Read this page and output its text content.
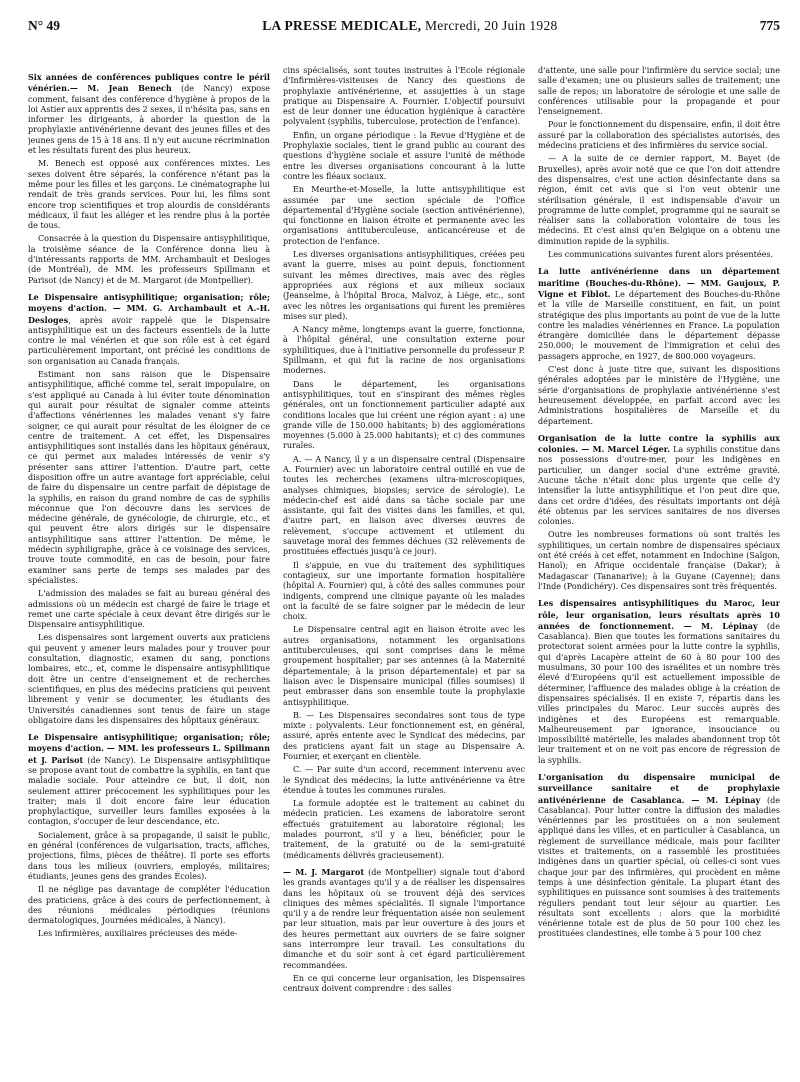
N° 49	LA PRESSE MEDICALE, Mercredi, 20 Juin 1928	775

Six années de conférences publiques contre le péril vénérien.— M. Jean Benech (de Nancy) expose comment, faisant des conférence d'hygiène à propos de la loi Astier aux apprentis des 2 sexes, il n'hésita pas, sans en informer les dirigeants, à aborder la question de la prophylaxie antivénérienne devant des jeunes filles et des jeunes gens de 15 à 18 ans. Il n'y eut aucune récrimination et les résultats furent des plus heureux.

M. Benech est opposé aux conférences mixtes. Les sexes doivent être séparés, la conférence n'étant pas la même pour les filles et les garçons. Le cinématographe lui rendait de très grands services. Pour lui, les films sont encore trop scientifiques et trop alourdis de considérants médicaux, il faut les alléger et les rendre plus à la portée de tous.

Consacrée à la question du Dispensaire antisyphilitique, la troisième séance de la Conférence donna lieu à d'intéressants rapports de MM. Archambault et Desloges (de Montréal), de MM. les professeurs Spillmann et Parisot (de Nancy) et de M. Margarot (de Montpellier).

Le Dispensaire antisyphilitique; organisation; rôle; moyens d'action. — MM. G. Archambault et A.-H. Desloges, après avoir rappelé que le Dispensaire antisyphilitique est un des facteurs essentiels de la lutte contre le mal vénérien et que son rôle est à cet égard particulièrement important, ont précisé les conditions de son organisation au Canada français.

Estimant non sans raison que le Dispensaire antisyphilitique, affiché comme tel, serait impopulaire, on s'est appliqué au Canada à lui éviter toute dénomination qui aurait pour résultat de signaler comme atteints d'affections vénériennes les malades venant s'y faire soigner, ce qui aurait pour résultat de les éloigner de ce centre de traitement. A cet effet, les Dispensaires antisyphilitiques sont installés dans les hôpitaux généraux, ce qui permet aux malades intéressés de venir s'y présenter sans attirer l'attention. D'autre part, cette disposition offre un autre avantage fort appréciable, celui de faire du dispensaire un centre parfait de dépistage de la syphilis, en raison du grand nombre de cas de syphilis méconnue que l'on découvre dans les services de médecine générale, de gynécologie, de chirurgie, etc., et qui peuvent être alors dirigés sur le dispensaire antisyphilitique sans attirer l'attention. De même, le médecin syphiligraphe, grâce à ce voisinage des services, trouve toute commodité, en cas de besoin, pour faire examiner sans perte de temps ses malades par des spécialistes.

L'admission des malades se fait au bureau général des admissions où un médecin est chargé de faire le triage et remet une carte spéciale à ceux devant être dirigés sur le Dispensaire antisyphilitique.

Les dispensaires sont largement ouverts aux praticiens qui peuvent y amener leurs malades pour y trouver pour consultation, diagnostic, examen du sang, ponctions lombaires, etc., et, comme le dispensaire antisyphilitique doit être un centre d'enseignement et de recherches scientifiques, en plus des médecins praticiens qui peuvent librement y venir se documenter, les étudiants des Universités canadiennes sont tenus de faire un stage obligatoire dans les dispensaires des hôpitaux généraux.

Le Dispensaire antisyphilitique; organisation; rôle; moyens d'action. — MM. les professeurs L. Spillmann et J. Parisot (de Nancy). Le Dispensaire antisyphilitique se propose avant tout de combattre la syphilis, en tant que maladie sociale. Pour atteindre ce but, il doit, non seulement attirer précocement les syphilitiques pour les traiter; mais il doit encore faire leur éducation prophylactique, surveiller leurs familles exposées à la contagion, s'occuper de leur descendance, etc.

Socialement, grâce à sa propagande, il saisit le public, en général (conférences de vulgarisation, tracts, affiches, projections, films, pièces de théâtre). Il porte ses efforts dans tous les milieux (ouvriers, employés, militaires; étudiants, jeunes gens des grandes Écoles).

Il ne néglige pas davantage de compléter l'éducation des praticiens, grâce à des cours de perfectionnement, à des réunions médicales périodiques (réunions dermatologiques, Journées médicales, à Nancy).

Les infirmières, auxiliaires précieuses des méde-

cins spécialisés, sont toutes instruites à l'École régionale d'Infirmières-visiteuses de Nancy des questions de prophylaxie antivénérienne, et assujetties à un stage pratique au Dispensaire A. Fournier. L'objectif poursuivi est de leur donner une éducation hygiénique à caractère polyvalent (syphilis, tuberculose, protection de l'enfance).

Enfin, un organe périodique : la Revue d'Hygiène et de Prophylaxie sociales, tient le grand public au courant des questions d'hygiène sociale et assure l'unité de méthode entre les diverses organisations concourant à la lutte contre les fléaux sociaux.

En Meurthe-et-Moselle, la lutte antisyphilitique est assumée par une section spéciale de l'Office départemental d'Hygiène sociale (section antivénérienne), qui fonctionne en liaison étroite et permanente avec les organisations antituberculeuse, anticancéreuse et de protection de l'enfance.

Les diverses organisations antisyphilitiques, créées peu avant la guerre, mises au point depuis, fonctionnent suivant les mêmes directives, mais avec des règles appropriées aux régions et aux milieux sociaux (Jeanselme, à l'hôpital Broca, Malvoz, à Liège, etc., sont avec les nôtres les organisations qui furent les premières mises sur pied).

A Nancy même, longtemps avant la guerre, fonctionna, à l'hôpital général, une consultation externe pour syphilitiques, due à l'initiative personnelle du professeur P. Spillmann, et qui fut la racine de nos organisations modernes.

Dans le département, les organisations antisyphilitiques, tout en s'inspirant des mêmes règles générales, ont un fonctionnement particulier adapté aux conditions locales que lui créent une région ayant : a) une grande ville de 150.000 habitants; b) des agglomérations moyennes (5.000 à 25.000 habitants); et c) des communes rurales.

A. — A Nancy, il y a un dispensaire central (Dispensaire A. Fournier) avec un laboratoire central outillé en vue de toutes les recherches (examens ultra-microscopiques, analyses chimiques, biopsies; service de sérologie). Le médecin-chef est aidé dans sa tâche sociale par une assistante, qui fait des visites dans les familles, et qui, d'autre part, en liaison avec diverses œuvres de relèvement, s'occupe activement et utilement du sauvetage moral des femmes déchues (32 relèvements de prostituées effectués jusqu'à ce jour).

Il s'appuie, en vue du traitement des syphilitiques contagieux, sur une importante formation hospitalière (hôpital A. Fournier) qui, à côté des salles communes pour indigents, comprend une clinique payante où les malades ont la faculté de se faire soigner par le médecin de leur choix.

Le Dispensaire central agit en liaison étroite avec les autres organisations, notamment les organisations antituberculeuses, qui sont comprises dans le même groupement hospitalier; par ses antennes (à la Maternité départementale; à la prison départementale) et par sa liaison avec le Dispensaire municipal (filles soumises) il peut embrasser dans son ensemble toute la prophylaxie antisyphilitique.

B. — Les Dispensaires secondaires sont tous de type mixte : polyvalents. Leur fonctionnement est, en général, assuré, après entente avec le Syndicat des médecins, par des praticiens ayant fait un stage au Dispensaire A. Fournier, et exerçant en clientèle.

C. — Par suite d'un accord, recemment intervenu avec le Syndicat des médecins, la lutte antivénérienne va être étendue à toutes les communes rurales.

La formule adoptée est le traitement au cabinet du médecin praticien. Les examens de laboratoire seront effectués gratuitement au laboratoire régional; les malades pourront, s'il y a lieu, bénéficier, pour le traitement, de la gratuité ou de la semi-gratuité (médicaments délivrés gracieusement).

— M. J. Margarot (de Montpellier) signale tout d'abord les grands avantages qu'il y a de réaliser les dispensaires dans les hôpitaux où se trouvent déjà des services cliniques des mêmes spécialités. Il signale l'importance qu'il y a de rendre leur fréquentation aisée non seulement par leur situation, mais par leur ouverture à des jours et des heures permettant aux ouvriers de se faire soigner sans interrompre leur travail. Les consultations du dimanche et du soir sont à cet égard particulièrement recommandées.

En ce qui concerne leur organisation, les Dispensaires centraux doivent comprendre : des salles

d'attente, une salle pour l'infirmière du service social; une salle d'examen; une ou plusieurs salles de traitement; une salle de repos; un laboratoire de sérologie et une salle de conférences utilisable pour la propagande et pour l'enseignement.

Pour le fonctionnement du dispensaire, enfin, il doit être assuré par la collaboration des spécialistes autorisés, des médecins praticiens et des infirmières du service social.

— A la suite de ce dernier rapport, M. Bayet (de Bruxelles), après avoir noté que ce que l'on doit attendre des dispensaires, c'est une action désinfectante dans sa région, émit cet avis que si l'on veut obtenir une stérilisation générale, il est indispensable d'avoir un programme de lutte complet, programme qui ne saurait se réaliser sans la collaboration volontaire de tous les médecins. Et c'est ainsi qu'en Belgique on a obtenu une diminution rapide de la syphilis.

Les communications suivantes furent alors présentées.

La lutte antivénérienne dans un département maritime (Bouches-du-Rhône). — MM. Gaujoux, P. Vigne et Fiblot. Le département des Bouches-du-Rhône et la ville de Marseille constituent, en fait, un point stratégique des plus importants au point de vue de la lutte contre les maladies vénériennes en France. La population étrangère domiciliée dans le département dépasse 250.000; le mouvement de l'immigration et celui des passagers approche, en 1927, de 800.000 voyageurs.

C'est donc à juste titre que, suivant les dispositions générales adoptées par le ministère de l'Hygiène, une série d'organisations de prophylaxie antivénérienne s'est heureusement développée, en parfait accord avec les Administrations hospitalières de Marseille et du département.

Organisation de la lutte contre la syphilis aux colonies. — M. Marcel Léger. La syphilis constitue dans nos possessions d'outre-mer, pour les indigènes en particulier, un danger social d'une extrême gravité. Aucune tâche n'était donc plus urgente que celle d'y intensifier la lutte antisyphilitique et l'on peut dire que, dans cet ordre d'idées, des résultats importants ont déjà été obtenus par les services sanitaires de nos diverses colonies.

Outre les nombreuses formations où sont traités les syphilitiques, un certain nombre de dispensaires spéciaux ont été créés à cet effet, notamment en Indochine (Saïgon, Hanoï); en Afrique occidentale française (Dakar); à Madagascar (Tananarive); à la Guyane (Cayenne); dans l'Inde (Pondichéry). Ces dispensaires sont très fréquentés.

Les dispensaires antisyphilitiques du Maroc, leur rôle, leur organisation, leurs résultats après 10 années de fonctionnement. — M. Lépinay (de Casablanca). Bien que toutes les formations sanitaires du protectorat soient armées pour la lutte contre la syphilis, qui d'après Lacapère atteint de 60 à 80 pour 100 des musulmans, 30 pour 100 des israélites et un nombre très élevé d'Européens qu'il est actuellement impossible de déterminer, l'affluence des malades oblige à la création de dispensaires spécialisés. Il en existe 7, répartis dans les villes principales du Maroc. Leur succès auprès des indigènes et des Européens est remarquable. Malheureusement par ignorance, insouciance ou impossibilité matérielle, les malades abandonnent trop tôt leur traitement et on ne voit pas encore de régression de la syphilis.

L'organisation du dispensaire municipal de surveillance sanitaire et de prophylaxie antivénérienne de Casablanca. — M. Lépinay (de Casablanca). Pour lutter contre la diffusion des maladies vénériennes par les prostituées on a non seulement appliqué dans les villes, et en particulier à Casablanca, un règlement de surveillance médicale, mais pour faciliter visites et traitements, on a rassemblé les prostituées indigènes dans un quartier spécial, où celles-ci sont vues chaque jour par des infirmières, qui procèdent en même temps à une désinfection génitale. La plupart étant des syphilitiques en puissance sont soumises à des traitements réguliers pendant tout leur séjour au quartier. Les résultats sont excellents : alors que la morbidité vénérienne totale est de plus de 50 pour 100 chez les prostituées clandestines, elle tombe à 5 pour 100 chez
